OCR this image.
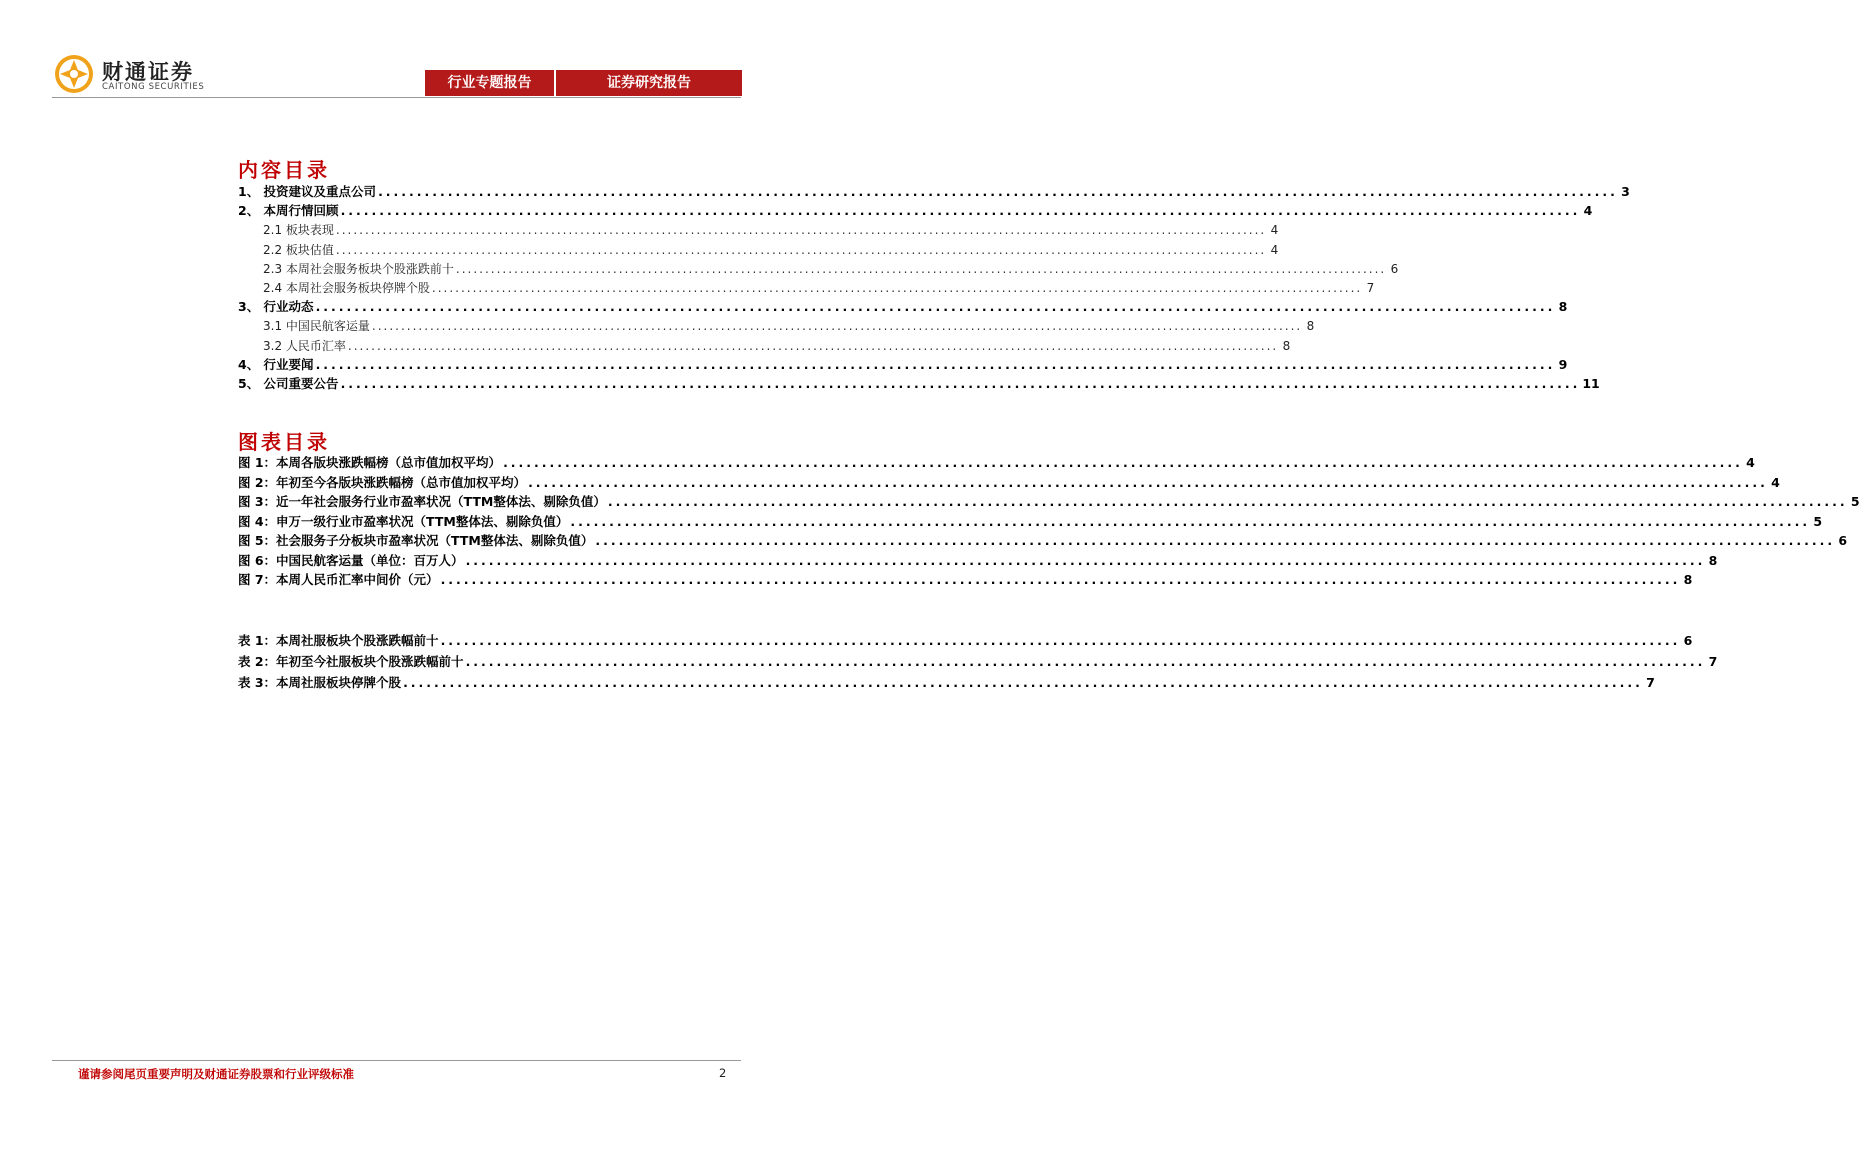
财通证券
CAITONG SECURITIES	行业专题报告	证券研究报告
内容目录
1、 投资建议及重点公司 ................................................................................................................................................................ 3
2、 本周行情回顾 ................................................................................................................................................................ 4
2.1 板块表现 ................................................................................................................................................................ 4
2.2 板块估值 ................................................................................................................................................................ 4
2.3 本周社会服务板块个股涨跌前十 ................................................................................................................................................................ 6
2.4 本周社会服务板块停牌个股 ................................................................................................................................................................ 7
3、 行业动态 ................................................................................................................................................................ 8
3.1 中国民航客运量 ................................................................................................................................................................ 8
3.2 人民币汇率 ................................................................................................................................................................ 8
4、 行业要闻 ................................................................................................................................................................ 9
5、 公司重要公告 ................................................................................................................................................................ 11
图表目录
图 1：本周各版块涨跌幅榜（总市值加权平均） ................................................................................................................................................................ 4
图 2：年初至今各版块涨跌幅榜（总市值加权平均） ................................................................................................................................................................ 4
图 3：近一年社会服务行业市盈率状况（TTM整体法、剔除负值） ................................................................................................................................................................ 5
图 4：申万一级行业市盈率状况（TTM整体法、剔除负值） ................................................................................................................................................................ 5
图 5：社会服务子分板块市盈率状况（TTM整体法、剔除负值） ................................................................................................................................................................ 6
图 6：中国民航客运量（单位：百万人） ................................................................................................................................................................ 8
图 7：本周人民币汇率中间价（元） ................................................................................................................................................................ 8
表 1：本周社服板块个股涨跌幅前十 ................................................................................................................................................................ 6
表 2：年初至今社服板块个股涨跌幅前十 ................................................................................................................................................................ 7
表 3：本周社服板块停牌个股 ................................................................................................................................................................ 7
谨请参阅尾页重要声明及财通证券股票和行业评级标准	2
